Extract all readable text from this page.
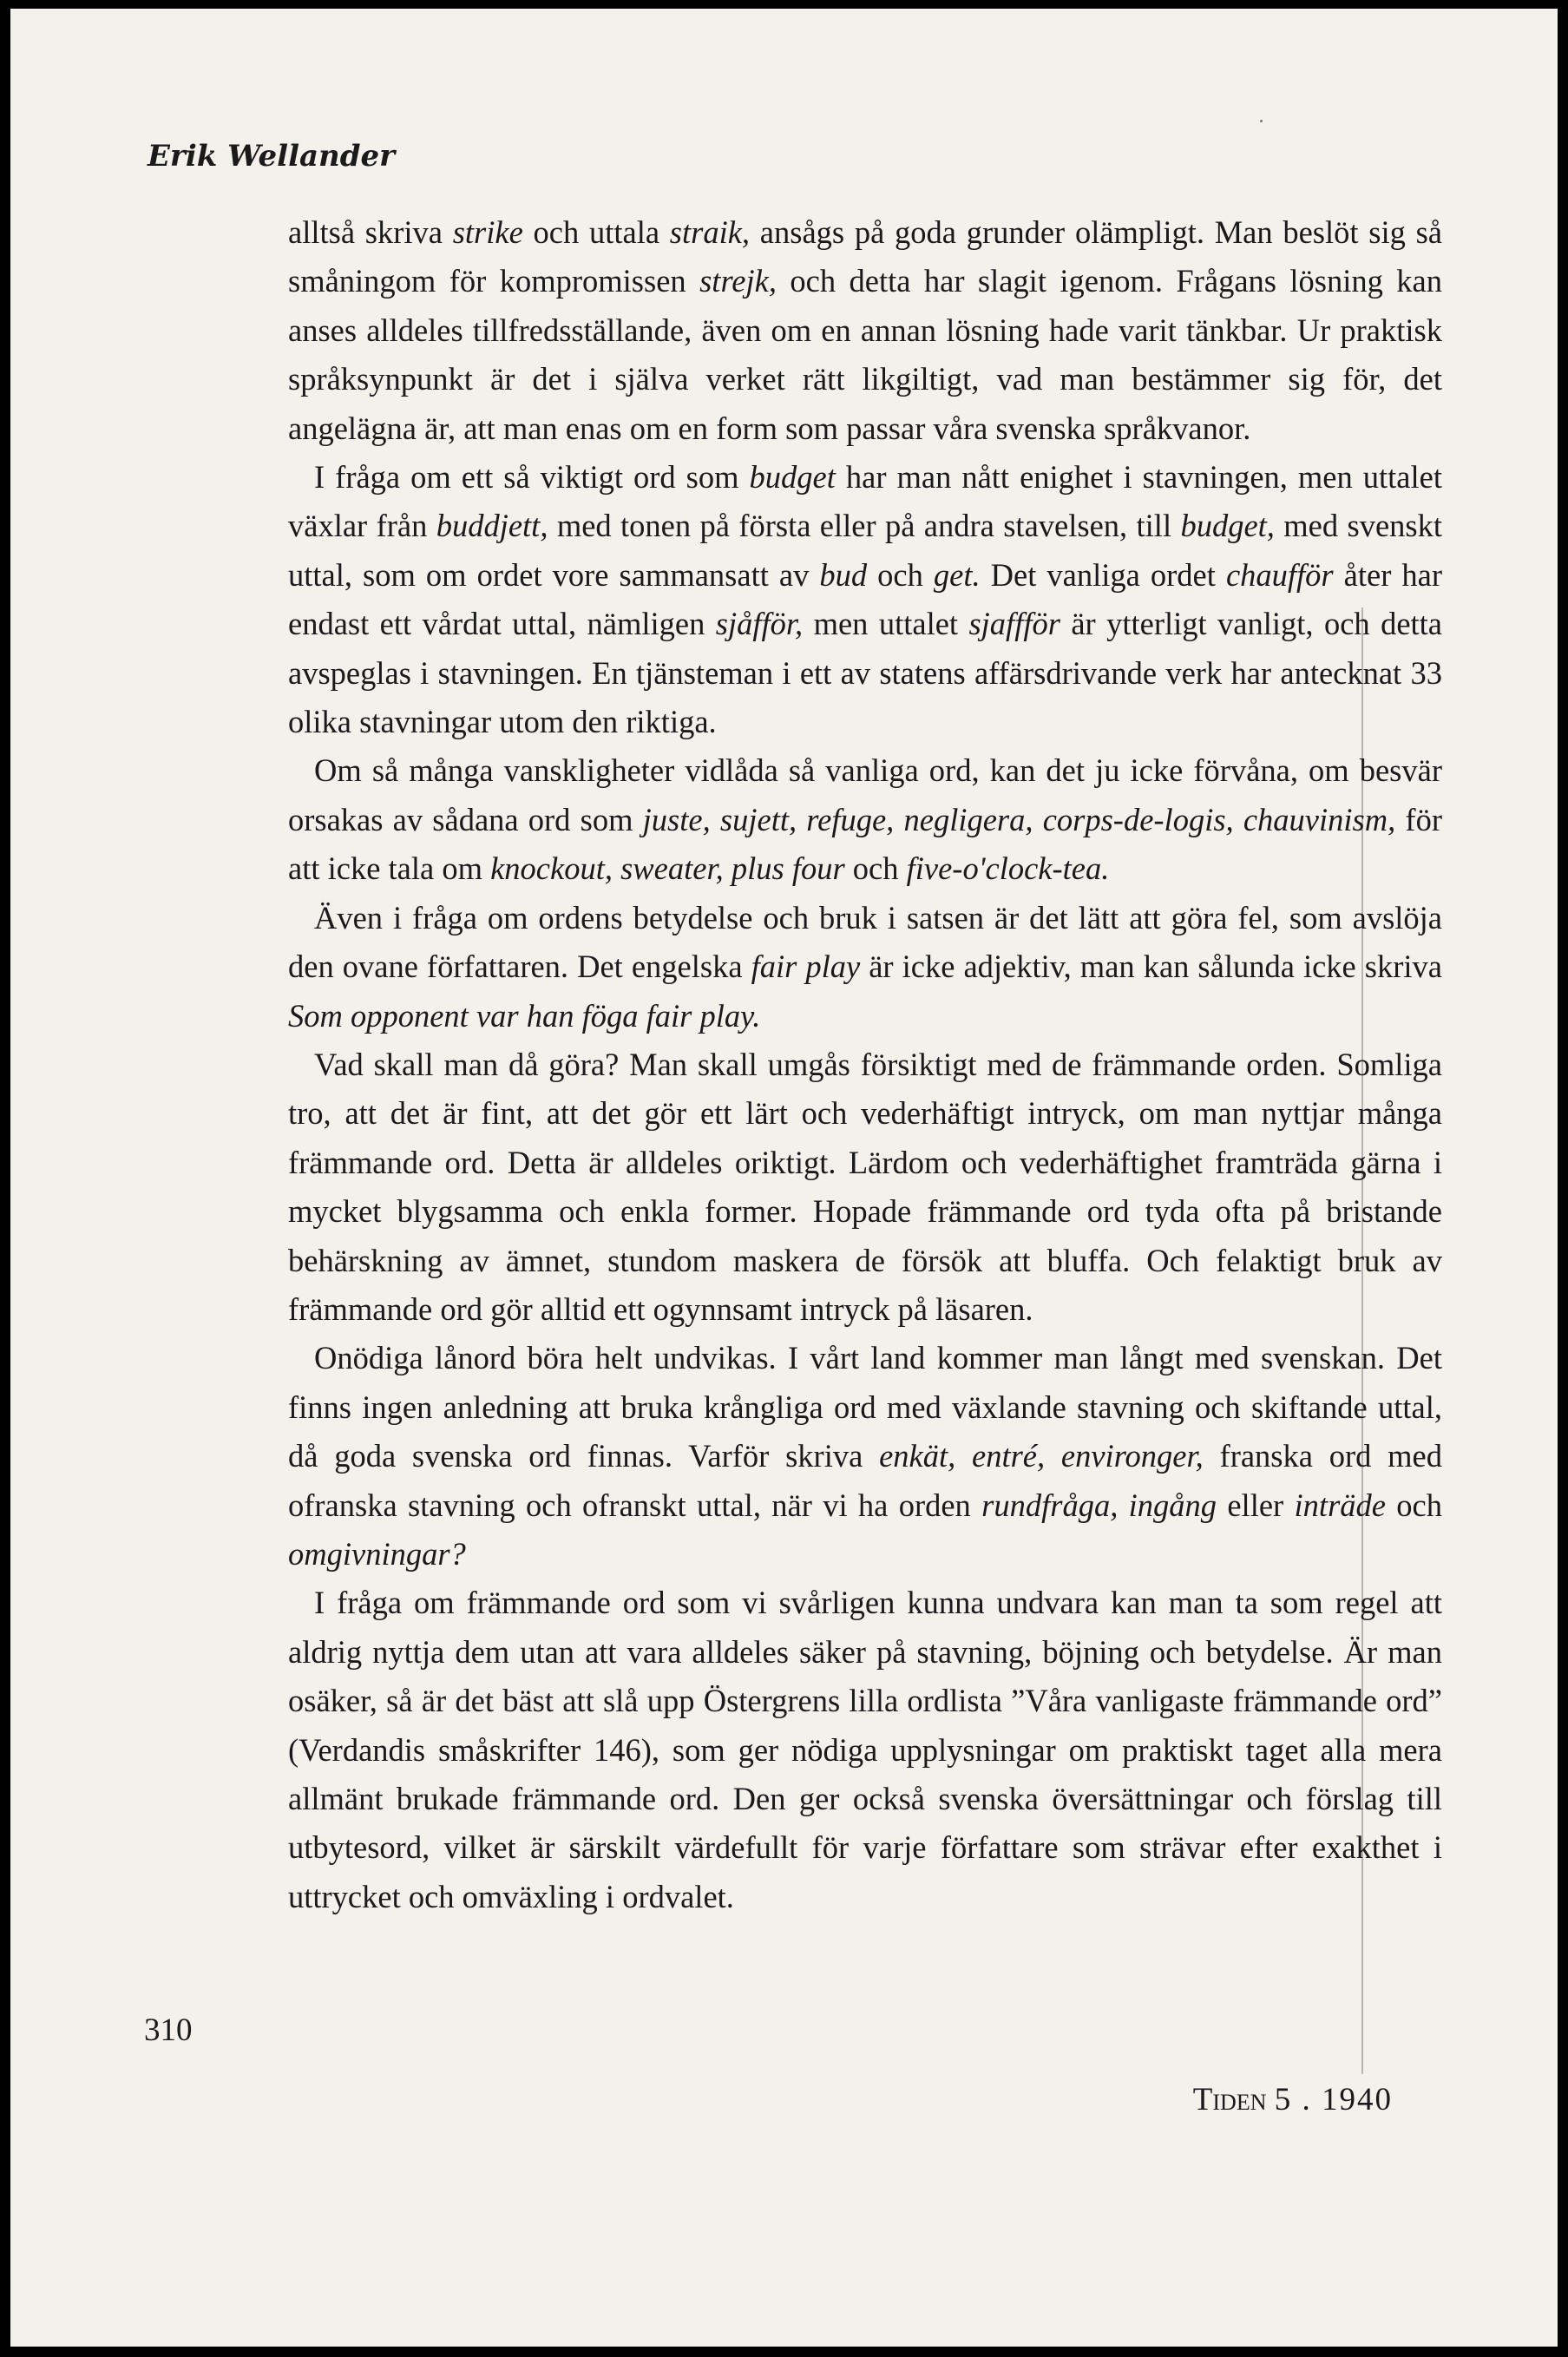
Erik Wellander

alltså skriva strike och uttala straik, ansågs på goda grunder olämpligt. Man beslöt sig så småningom för kompromissen strejk, och detta har slagit igenom. Frågans lösning kan anses alldeles tillfredsställande, även om en annan lösning hade varit tänkbar. Ur praktisk språksynpunkt är det i själva verket rätt likgiltigt, vad man bestämmer sig för, det angelägna är, att man enas om en form som passar våra svenska språkvanor.

I fråga om ett så viktigt ord som budget har man nått enighet i stavningen, men uttalet växlar från buddjett, med tonen på första eller på andra stavelsen, till budget, med svenskt uttal, som om ordet vore sammansatt av bud och get. Det vanliga ordet chaufför åter har endast ett vårdat uttal, nämligen sjåfför, men uttalet sjaffför är ytterligt vanligt, och detta avspeglas i stavningen. En tjänsteman i ett av statens affärsdrivande verk har antecknat 33 olika stavningar utom den riktiga.

Om så många vanskligheter vidlåda så vanliga ord, kan det ju icke förvåna, om besvär orsakas av sådana ord som juste, sujett, refuge, negligera, corps-de-logis, chauvinism, för att icke tala om knockout, sweater, plus four och five-o'clock-tea.

Även i fråga om ordens betydelse och bruk i satsen är det lätt att göra fel, som avslöja den ovane författaren. Det engelska fair play är icke adjektiv, man kan sålunda icke skriva Som opponent var han föga fair play.

Vad skall man då göra? Man skall umgås försiktigt med de främmande orden. Somliga tro, att det är fint, att det gör ett lärt och vederhäftigt intryck, om man nyttjar många främmande ord. Detta är alldeles oriktigt. Lärdom och vederhäftighet framträda gärna i mycket blygsamma och enkla former. Hopade främmande ord tyda ofta på bristande behärskning av ämnet, stundom maskera de försök att bluffa. Och felaktigt bruk av främmande ord gör alltid ett ogynnsamt intryck på läsaren.

Onödiga lånord böra helt undvikas. I vårt land kommer man långt med svenskan. Det finns ingen anledning att bruka krångliga ord med växlande stavning och skiftande uttal, då goda svenska ord finnas. Varför skriva enkät, entré, environger, franska ord med ofranska stavning och ofranskt uttal, när vi ha orden rundfråga, ingång eller inträde och omgivningar?

I fråga om främmande ord som vi svårligen kunna undvara kan man ta som regel att aldrig nyttja dem utan att vara alldeles säker på stavning, böjning och betydelse. Är man osäker, så är det bäst att slå upp Östergrens lilla ordlista ”Våra vanligaste främmande ord” (Verdandis småskrifter 146), som ger nödiga upplysningar om praktiskt taget alla mera allmänt brukade främmande ord. Den ger också svenska översättningar och förslag till utbytesord, vilket är särskilt värdefullt för varje författare som strävar efter exakthet i uttrycket och omväxling i ordvalet.

310
Tiden 5 . 1940
